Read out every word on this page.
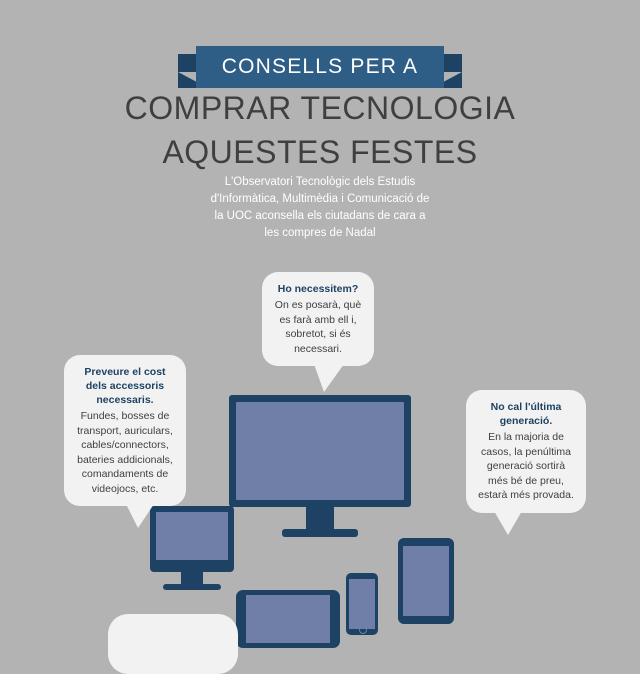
CONSELLS PER A
COMPRAR TECNOLOGIA
AQUESTES FESTES
L'Observatori Tecnològic dels Estudis
d'Informàtica, Multimèdia i Comunicació de
la UOC aconsella els ciutadans de cara a
les compres de Nadal
Ho necessitem?
On es posarà, què es farà amb ell i, sobretot, si és necessari.
Preveure el cost dels accessoris necessaris.
Fundes, bosses de transport, auriculars, cables/connectors, bateries addicionals, comandaments de videojocs, etc.
No cal l'última generació.
En la majoria de casos, la penúltima generació sortirà més bé de preu, estarà més provada.
